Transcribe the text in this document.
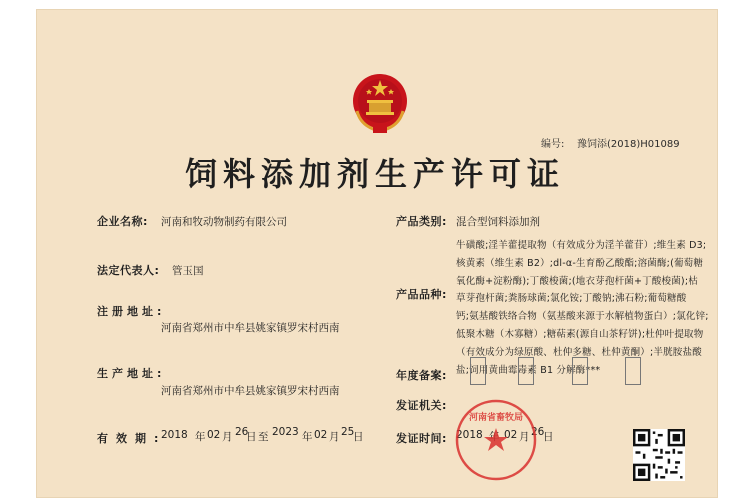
编号: 豫饲添(2018)H01089
饲料添加剂生产许可证
企业名称: 河南和牧动物制药有限公司
法定代表人: 管玉国
注册地址:
河南省郑州市中牟县姚家镇罗宋村西南
生产地址:
河南省郑州市中牟县姚家镇罗宋村西南
有效期:
2018 年 02 月 26
日 至 2023 年 02 月 25
日
产品类别: 混合型饲料添加剂
产品品种:
牛磺酸;淫羊藿提取物（有效成分为淫羊藿苷）;维生素 D3;
核黄素（维生素 B2）;dl-α-生育酚乙酸酯;溶菌酶;(葡萄糖
氧化酶+淀粉酶);丁酸梭菌;(地衣芽孢杆菌+丁酸梭菌);枯
草芽孢杆菌;粪肠球菌;氯化铵;丁酸钠;沸石粉;葡萄糖酸
钙;氨基酸铁络合物（氨基酸来源于水解植物蛋白）;氯化锌;
低聚木糖（木寡糖）;糖萜素(源自山茶籽饼);杜仲叶提取物
（有效成分为绿原酸、杜仲多糖、杜仲黄酮）;半胱胺盐酸
盐;饲用黄曲霉毒素 B1 分解酶***
年度备案:
发证机关:
发证时间: 2018 02 月 26
日
河南省畜牧局
